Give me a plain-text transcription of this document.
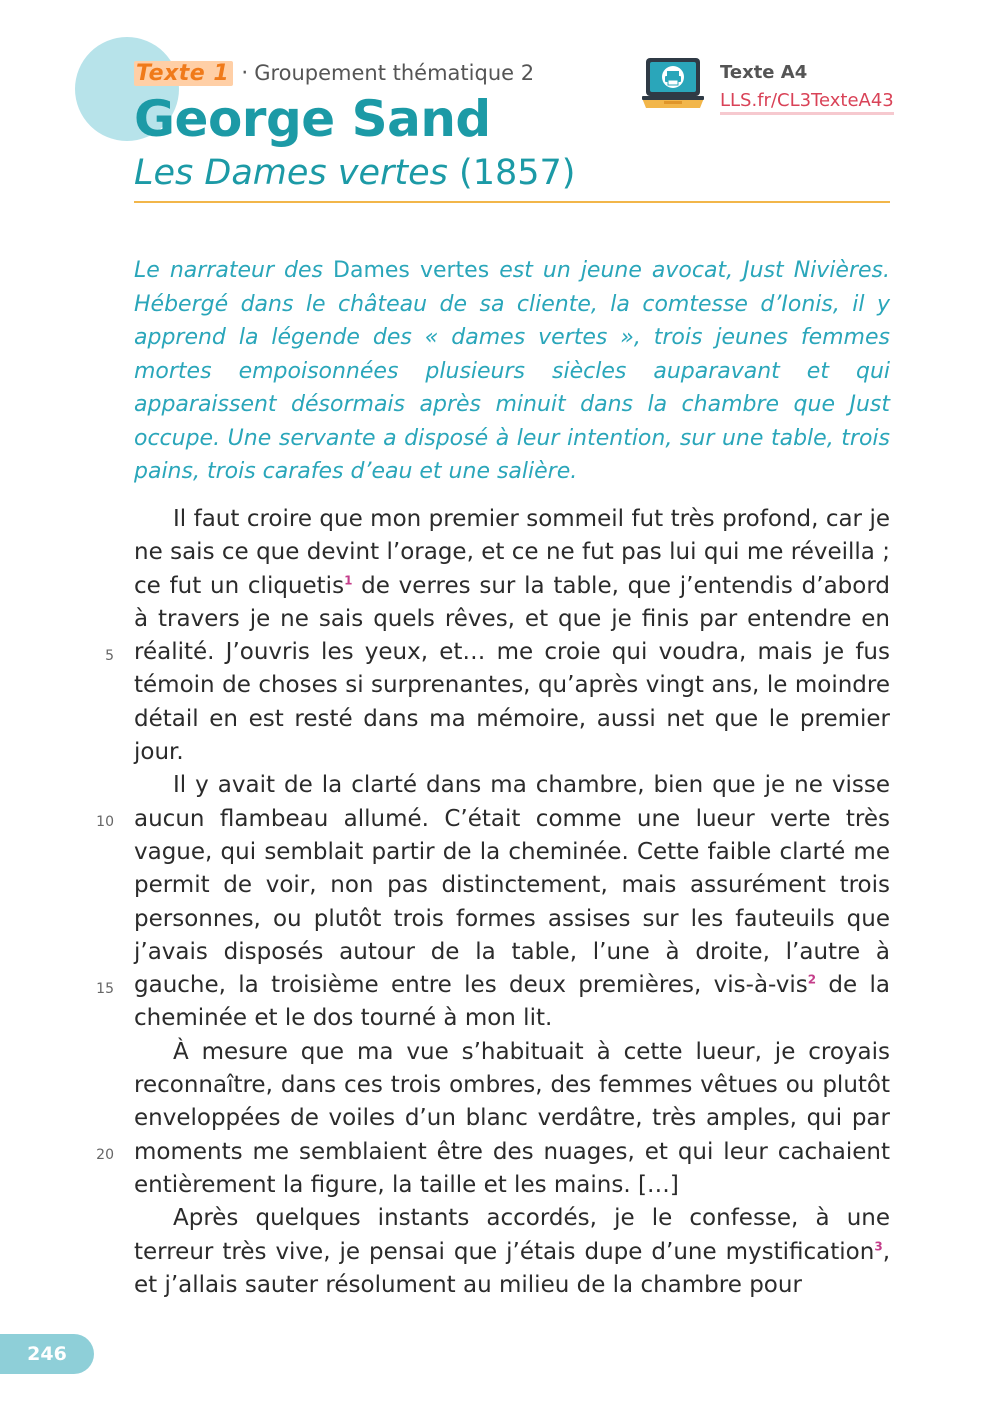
Texte 1 · Groupement thématique 2
George Sand
Les Dames vertes (1857)
Texte A4
LLS.fr/CL3TexteA43

Le narrateur des Dames vertes est un jeune avocat, Just Nivières. Hébergé dans le château de sa cliente, la comtesse d’Ionis, il y apprend la légende des « dames vertes », trois jeunes femmes mortes empoisonnées plusieurs siècles auparavant et qui apparaissent désormais après minuit dans la chambre que Just occupe. Une servante a disposé à leur intention, sur une table, trois pains, trois carafes d’eau et une salière.

Il faut croire que mon premier sommeil fut très profond, car je ne sais ce que devint l’orage, et ce ne fut pas lui qui me réveilla ; ce fut un cliquetis$^1$ de verres sur la table, que j’entendis d’abord à travers je ne sais quels rêves, et que je finis par entendre en réalité. J’ouvris les yeux, et… me croie qui voudra, mais je fus témoin de choses si surprenantes, qu’après vingt ans, le moindre détail en est resté dans ma mémoire, aussi net que le premier jour.

Il y avait de la clarté dans ma chambre, bien que je ne visse aucun flambeau allumé. C’était comme une lueur verte très vague, qui semblait partir de la cheminée. Cette faible clarté me permit de voir, non pas distinctement, mais assurément trois personnes, ou plutôt trois formes assises sur les fauteuils que j’avais disposés autour de la table, l’une à droite, l’autre à gauche, la troisième entre les deux premières, vis-à-vis$^2$ de la cheminée et le dos tourné à mon lit.

À mesure que ma vue s’habituait à cette lueur, je croyais reconnaître, dans ces trois ombres, des femmes vêtues ou plutôt enveloppées de voiles d’un blanc verdâtre, très amples, qui par moments me semblaient être des nuages, et qui leur cachaient entièrement la figure, la taille et les mains. […]

Après quelques instants accordés, je le confesse, à une terreur très vive, je pensai que j’étais dupe d’une mystification$^3$, et j’allais sauter résolument au milieu de la chambre pour

5
10
15
20
246
